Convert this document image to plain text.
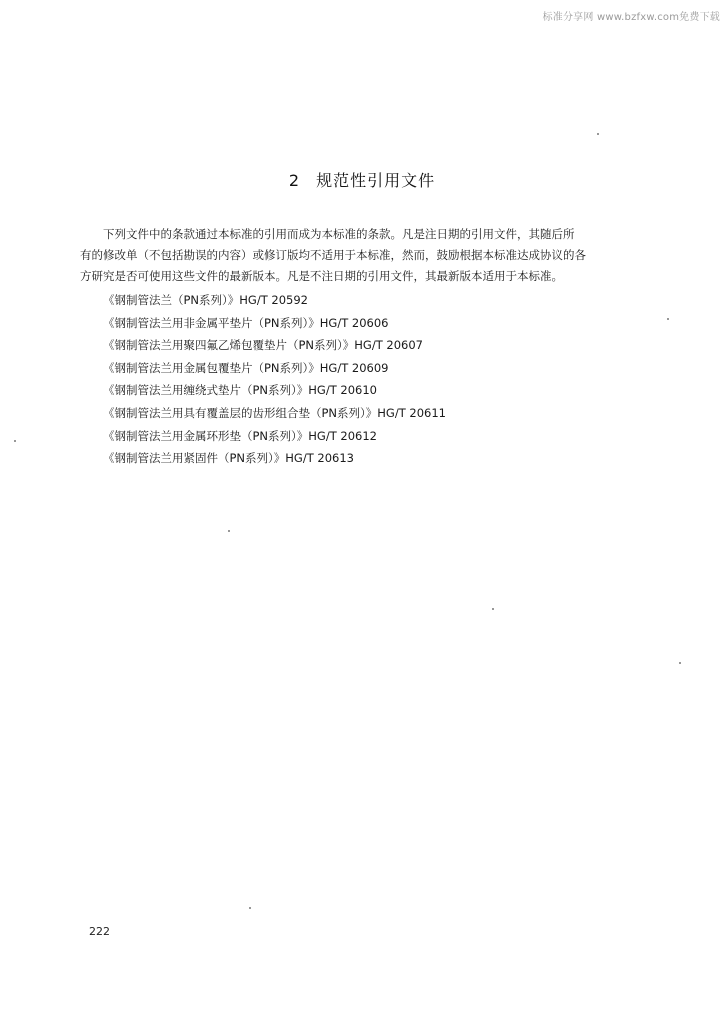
标准分享网 www.bzfxw.com免费下载
2 规范性引用文件
下列文件中的条款通过本标准的引用而成为本标准的条款。凡是注日期的引用文件，其随后所
有的修改单（不包括勘误的内容）或修订版均不适用于本标准，然而，鼓励根据本标准达成协议的各
方研究是否可使用这些文件的最新版本。凡是不注日期的引用文件，其最新版本适用于本标准。
《钢制管法兰（PN系列）》HG/T 20592
《钢制管法兰用非金属平垫片（PN系列）》HG/T 20606
《钢制管法兰用聚四氟乙烯包覆垫片（PN系列）》HG/T 20607
《钢制管法兰用金属包覆垫片（PN系列）》HG/T 20609
《钢制管法兰用缠绕式垫片（PN系列）》HG/T 20610
《钢制管法兰用具有覆盖层的齿形组合垫（PN系列）》HG/T 20611
《钢制管法兰用金属环形垫（PN系列）》HG/T 20612
《钢制管法兰用紧固件（PN系列）》HG/T 20613
222
